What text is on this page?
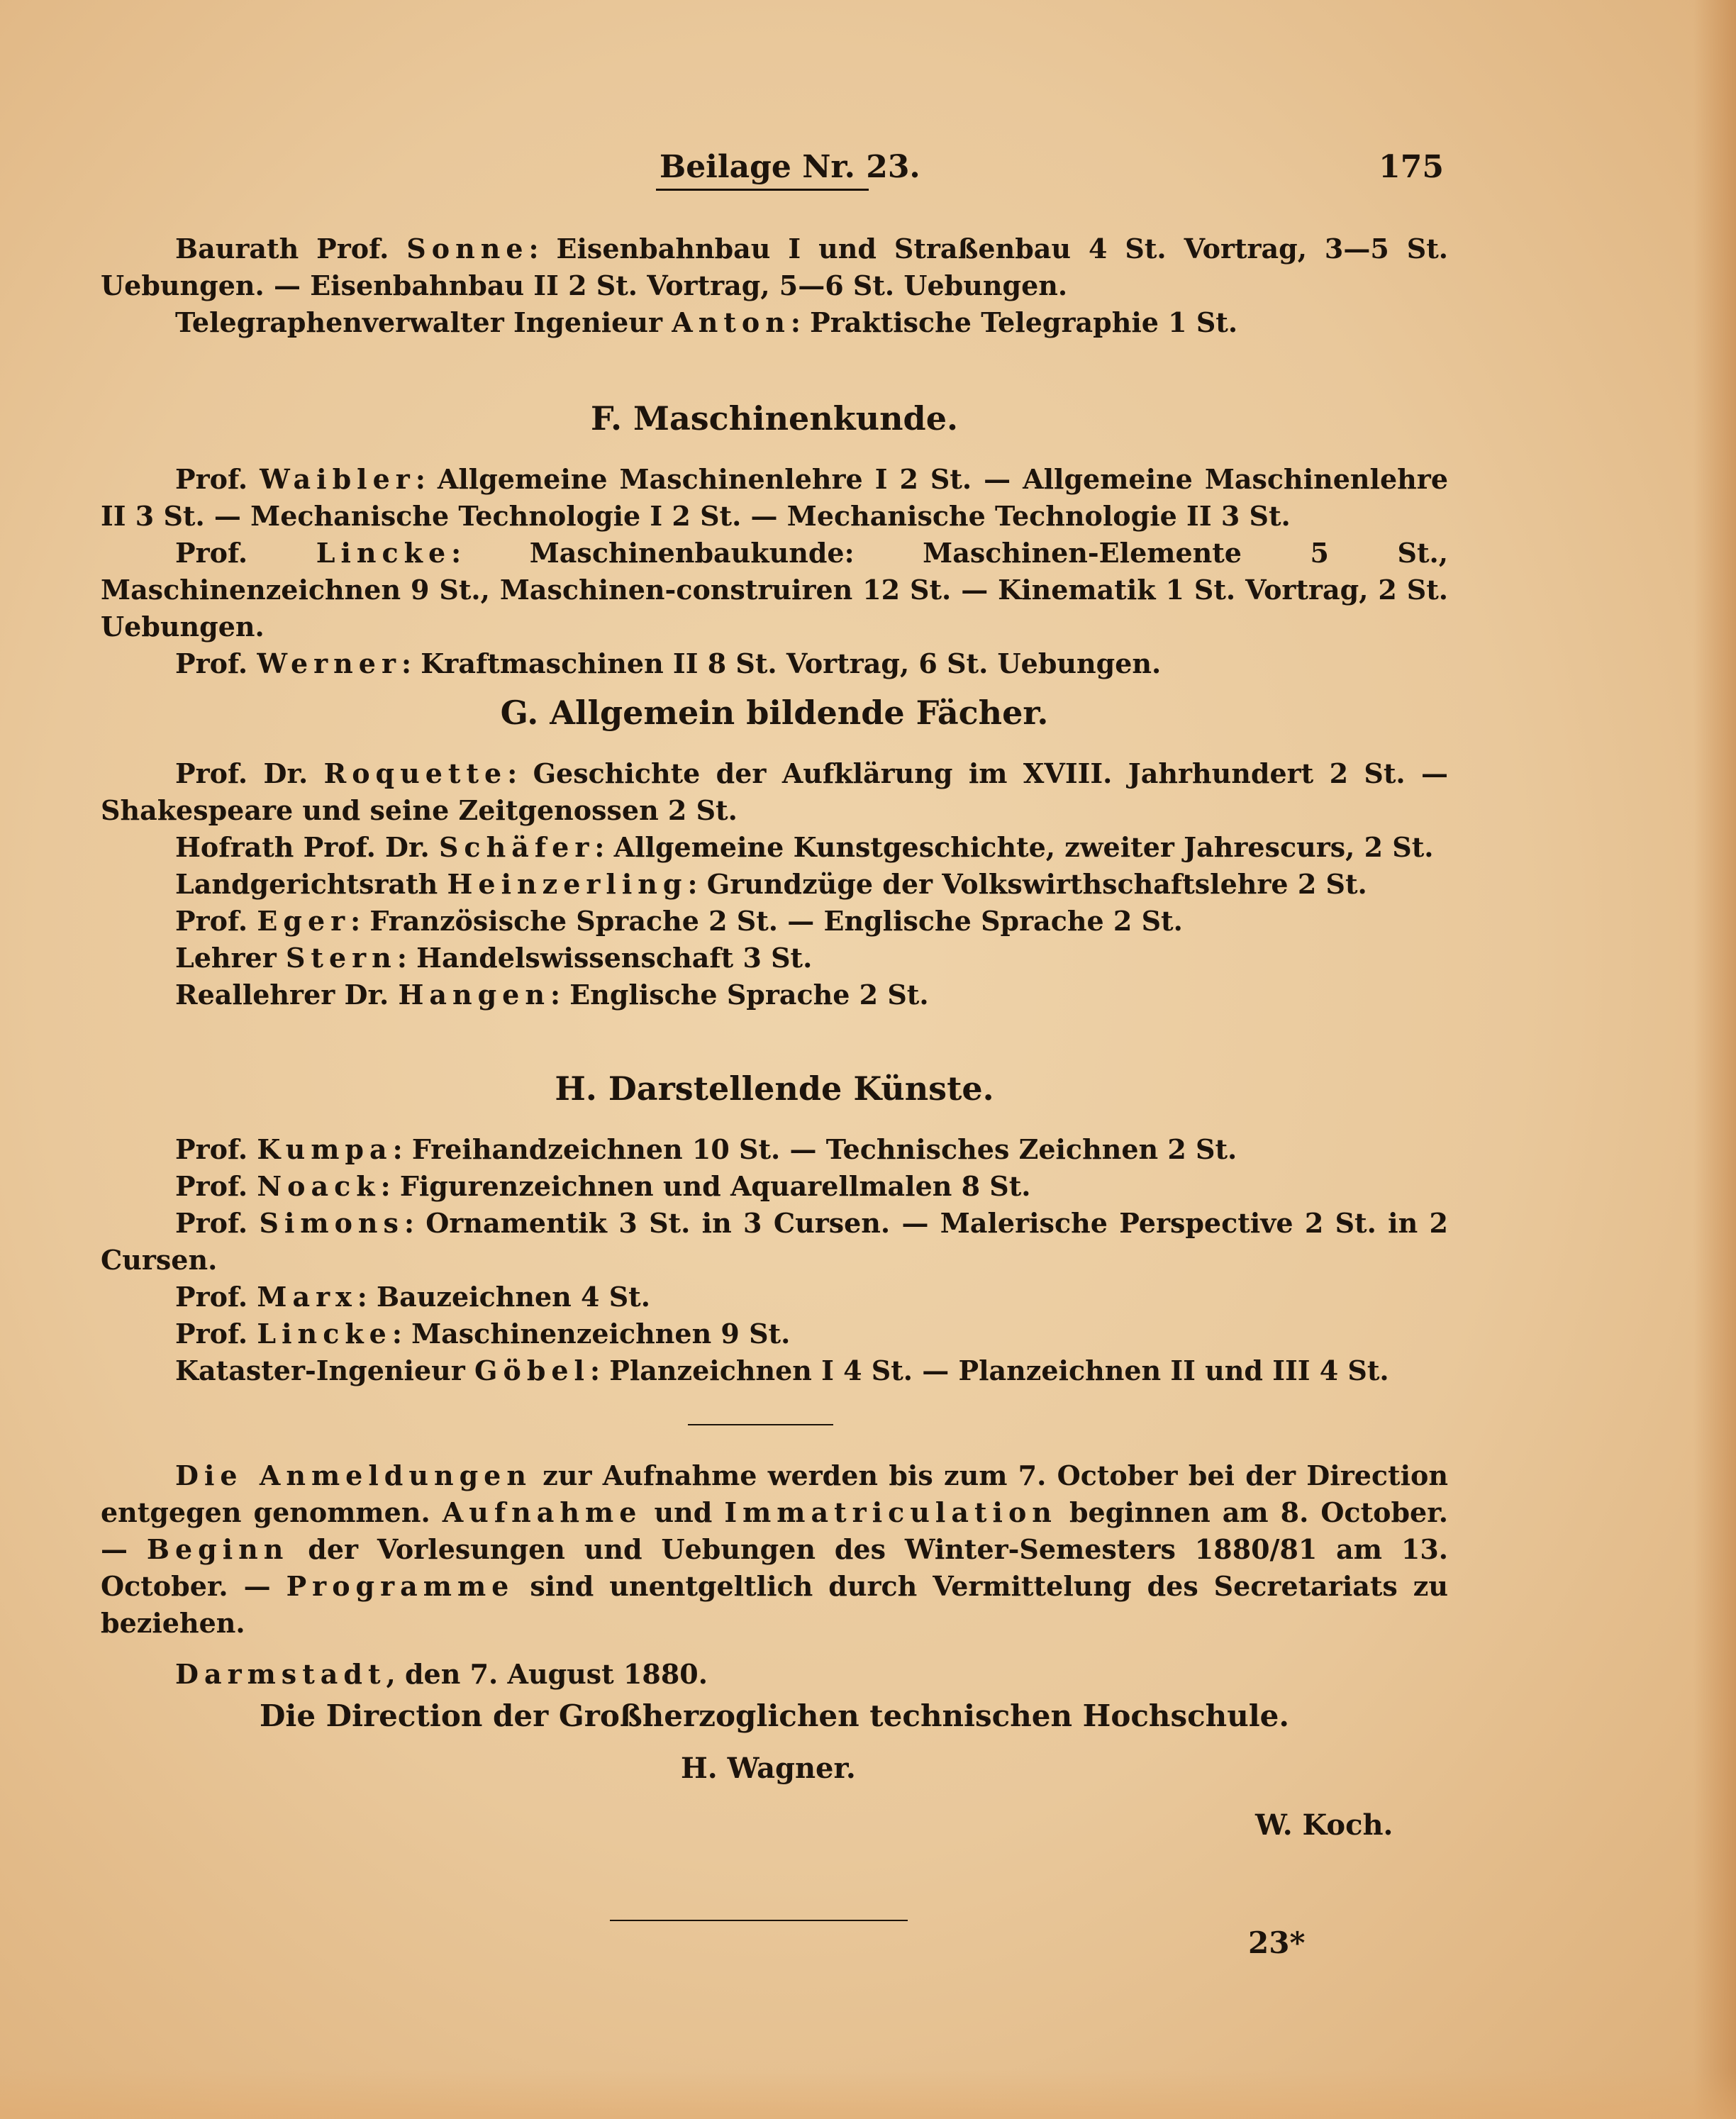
Beilage Nr. 23.	175

Baurath Prof. Sonne: Eisenbahnbau I und Straßenbau 4 St. Vortrag, 3—5 St. Uebungen. — Eisenbahnbau II 2 St. Vortrag, 5—6 St. Uebungen.

Telegraphenverwalter Ingenieur Anton: Praktische Telegraphie 1 St.

F. Maschinenkunde.

Prof. Waibler: Allgemeine Maschinenlehre I 2 St. — Allgemeine Maschinenlehre II 3 St. — Mechanische Technologie I 2 St. — Mechanische Technologie II 3 St.

Prof. Lincke: Maschinenbaukunde: Maschinen-Elemente 5 St., Maschinenzeichnen 9 St., Maschinen-construiren 12 St. — Kinematik 1 St. Vortrag, 2 St. Uebungen.

Prof. Werner: Kraftmaschinen II 8 St. Vortrag, 6 St. Uebungen.

G. Allgemein bildende Fächer.

Prof. Dr. Roquette: Geschichte der Aufklärung im XVIII. Jahrhundert 2 St. — Shakespeare und seine Zeitgenossen 2 St.

Hofrath Prof. Dr. Schäfer: Allgemeine Kunstgeschichte, zweiter Jahrescurs, 2 St.

Landgerichtsrath Heinzerling: Grundzüge der Volkswirthschaftslehre 2 St.

Prof. Eger: Französische Sprache 2 St. — Englische Sprache 2 St.

Lehrer Stern: Handelswissenschaft 3 St.

Reallehrer Dr. Hangen: Englische Sprache 2 St.

H. Darstellende Künste.

Prof. Kumpa: Freihandzeichnen 10 St. — Technisches Zeichnen 2 St.

Prof. Noack: Figurenzeichnen und Aquarellmalen 8 St.

Prof. Simons: Ornamentik 3 St. in 3 Cursen. — Malerische Perspective 2 St. in 2 Cursen.

Prof. Marx: Bauzeichnen 4 St.

Prof. Lincke: Maschinenzeichnen 9 St.

Kataster-Ingenieur Göbel: Planzeichnen I 4 St. — Planzeichnen II und III 4 St.

Die Anmeldungen zur Aufnahme werden bis zum 7. October bei der Direction entgegen genommen. Aufnahme und Immatriculation beginnen am 8. October. — Beginn der Vorlesungen und Uebungen des Winter-Semesters 1880/81 am 13. October. — Programme sind unentgeltlich durch Vermittelung des Secretariats zu beziehen.

Darmstadt, den 7. August 1880.

Die Direction der Großherzoglichen technischen Hochschule.

H. Wagner.

W. Koch.

23*
